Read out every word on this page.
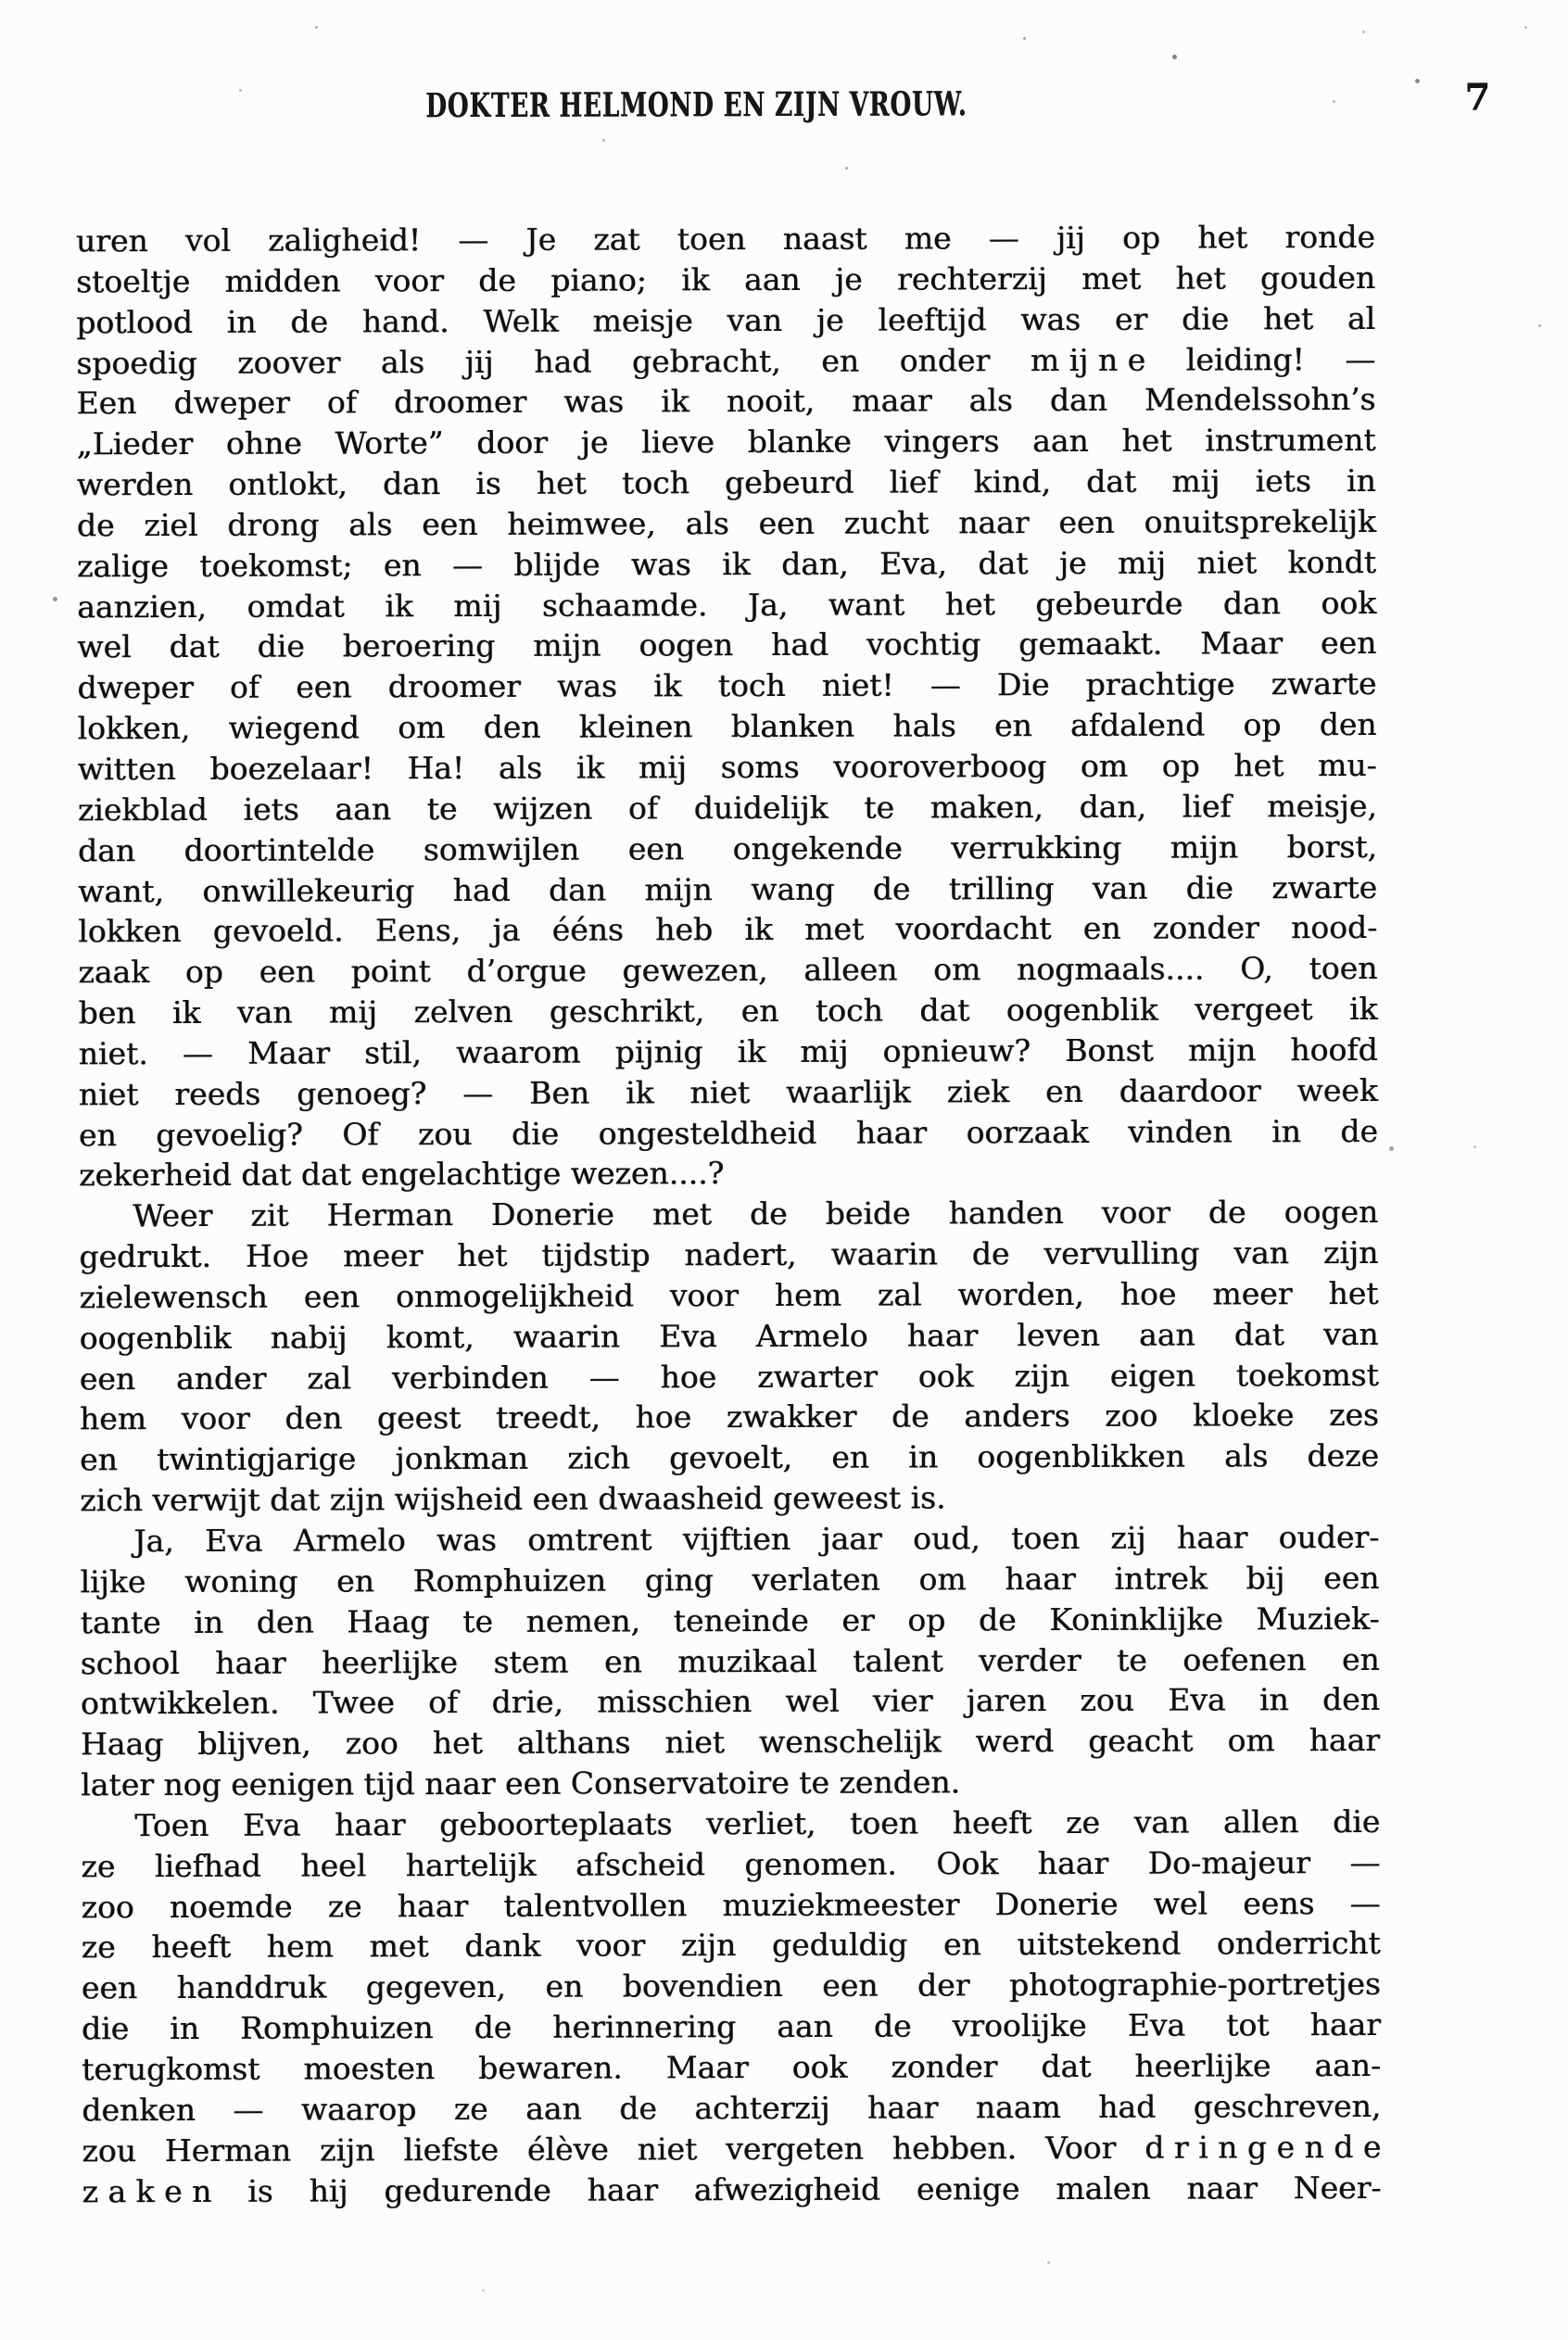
DOKTER HELMOND EN ZIJN VROUW.	7
uren vol zaligheid! — Je zat toen naast me — jij op het ronde
stoeltje midden voor de piano; ik aan je rechterzij met het gouden
potlood in de hand. Welk meisje van je leeftijd was er die het al
spoedig zoover als jij had gebracht, en onder m ij n e leiding! —
Een dweper of droomer was ik nooit, maar als dan Mendelssohn’s
„Lieder ohne Worte” door je lieve blanke vingers aan het instrument
werden ontlokt, dan is het toch gebeurd lief kind, dat mij iets in
de ziel drong als een heimwee, als een zucht naar een onuitsprekelijk
zalige toekomst; en — blijde was ik dan, Eva, dat je mij niet kondt
aanzien, omdat ik mij schaamde. Ja, want het gebeurde dan ook
wel dat die beroering mijn oogen had vochtig gemaakt. Maar een
dweper of een droomer was ik toch niet! — Die prachtige zwarte
lokken, wiegend om den kleinen blanken hals en afdalend op den
witten boezelaar! Ha! als ik mij soms vooroverboog om op het mu-
ziekblad iets aan te wijzen of duidelijk te maken, dan, lief meisje,
dan doortintelde somwijlen een ongekende verrukking mijn borst,
want, onwillekeurig had dan mijn wang de trilling van die zwarte
lokken gevoeld. Eens, ja ééns heb ik met voordacht en zonder nood-
zaak op een point d’orgue gewezen, alleen om nogmaals.... O, toen
ben ik van mij zelven geschrikt, en toch dat oogenblik vergeet ik
niet. — Maar stil, waarom pijnig ik mij opnieuw? Bonst mijn hoofd
niet reeds genoeg? — Ben ik niet waarlijk ziek en daardoor week
en gevoelig? Of zou die ongesteldheid haar oorzaak vinden in de
zekerheid dat dat engelachtige wezen....?
Weer zit Herman Donerie met de beide handen voor de oogen
gedrukt. Hoe meer het tijdstip nadert, waarin de vervulling van zijn
zielewensch een onmogelijkheid voor hem zal worden, hoe meer het
oogenblik nabij komt, waarin Eva Armelo haar leven aan dat van
een ander zal verbinden — hoe zwarter ook zijn eigen toekomst
hem voor den geest treedt, hoe zwakker de anders zoo kloeke zes
en twintigjarige jonkman zich gevoelt, en in oogenblikken als deze
zich verwijt dat zijn wijsheid een dwaasheid geweest is.
Ja, Eva Armelo was omtrent vijftien jaar oud, toen zij haar ouder-
lijke woning en Romphuizen ging verlaten om haar intrek bij een
tante in den Haag te nemen, teneinde er op de Koninklijke Muziek-
school haar heerlijke stem en muzikaal talent verder te oefenen en
ontwikkelen. Twee of drie, misschien wel vier jaren zou Eva in den
Haag blijven, zoo het althans niet wenschelijk werd geacht om haar
later nog eenigen tijd naar een Conservatoire te zenden.
Toen Eva haar geboorteplaats verliet, toen heeft ze van allen die
ze liefhad heel hartelijk afscheid genomen. Ook haar Do-majeur —
zoo noemde ze haar talentvollen muziekmeester Donerie wel eens —
ze heeft hem met dank voor zijn geduldig en uitstekend onderricht
een handdruk gegeven, en bovendien een der photographie-portretjes
die in Romphuizen de herinnering aan de vroolijke Eva tot haar
terugkomst moesten bewaren. Maar ook zonder dat heerlijke aan-
denken — waarop ze aan de achterzij haar naam had geschreven,
zou Herman zijn liefste élève niet vergeten hebben. Voor d r i n g e n d e
z a k e n is hij gedurende haar afwezigheid eenige malen naar Neer-
